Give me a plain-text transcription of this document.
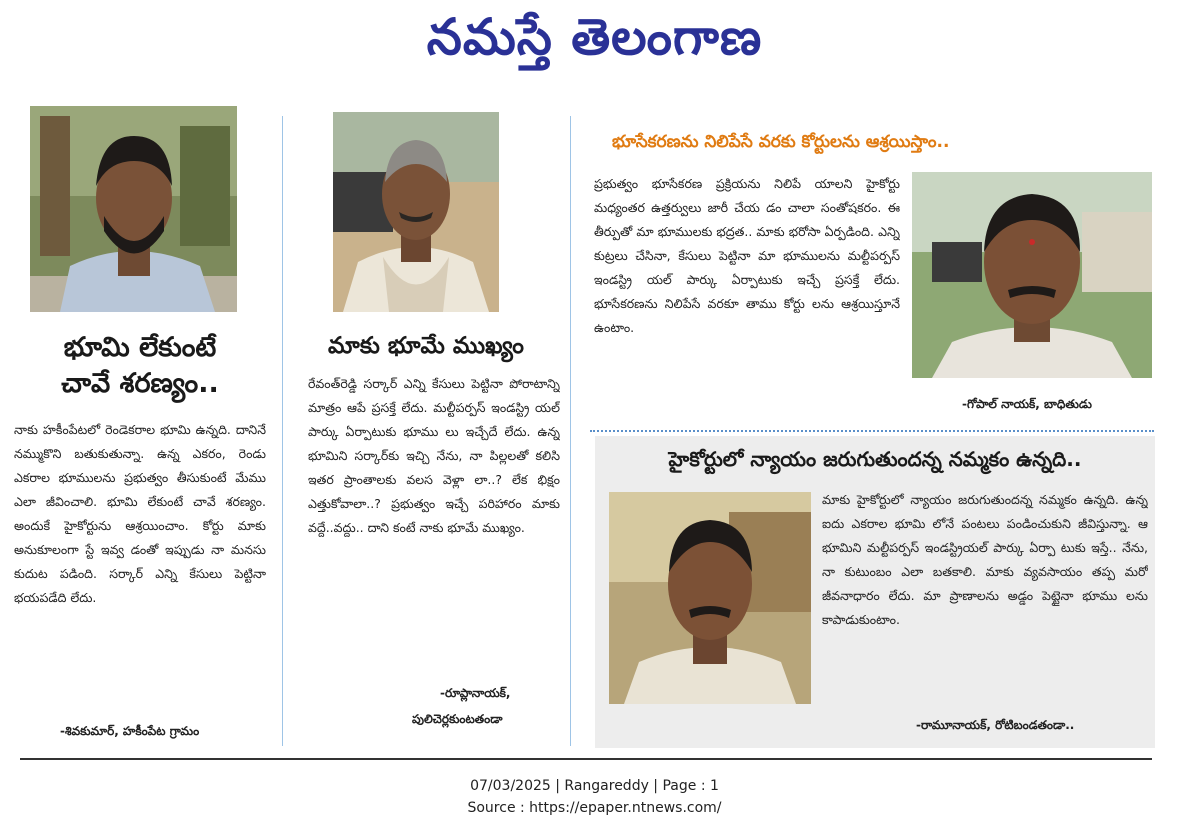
నమస్తే తెలంగాణ
భూమి లేకుంటే
చావే శరణ్యం..
నాకు హకీంపేటలో రెండెకరాల భూమి ఉన్నది. దానినే నమ్ముకొని బతుకుతున్నా. ఉన్న ఎకరం, రెండు ఎకరాల భూములను ప్రభుత్వం తీసుకుంటే మేము ఎలా జీవించాలి. భూమి లేకుంటే చావే శరణ్యం. అందుకే హైకోర్టును ఆశ్రయించాం. కోర్టు మాకు అనుకూలంగా స్టే ఇవ్వ డంతో ఇప్పుడు నా మనసు కుదుట పడింది. సర్కార్ ఎన్ని కేసులు పెట్టినా భయపడేది లేదు.
-శివకుమార్, హకీంపేట గ్రామం
మాకు భూమే ముఖ్యం
రేవంత్‌రెడ్డి సర్కార్ ఎన్ని కేసులు పెట్టినా పోరాటాన్ని మాత్రం ఆపే ప్రసక్తే లేదు. మల్టీపర్పస్ ఇండస్ట్రి యల్ పార్కు ఏర్పాటుకు భూము లు ఇచ్చేదే లేదు. ఉన్న భూమిని సర్కార్‌కు ఇచ్చి నేను, నా పిల్లలతో కలిసి ఇతర ప్రాంతాలకు వలస వెళ్లా లా..? లేక భిక్షం ఎత్తుకోవాలా..? ప్రభుత్వం ఇచ్చే పరిహారం మాకు వద్దే..వద్దు.. దాని కంటే నాకు భూమే ముఖ్యం.
-రూప్లానాయక్,
పులిచెర్లకుంటతండా
భూసేకరణను నిలిపేసే వరకు కోర్టులను ఆశ్రయిస్తాం..
ప్రభుత్వం భూసేకరణ ప్రక్రియను నిలిపే యాలని హైకోర్టు మధ్యంతర ఉత్తర్వులు జారీ చేయ డం చాలా సంతోషకరం. ఈ తీర్పుతో మా భూములకు భద్రత.. మాకు భరోసా ఏర్పడింది. ఎన్ని కుట్రలు చేసినా, కేసులు పెట్టినా మా భూములను మల్టీపర్పస్ ఇండస్ట్రి యల్ పార్కు ఏర్పాటుకు ఇచ్చే ప్రసక్తే లేదు. భూసేకరణను నిలిపేసే వరకూ తాము కోర్టు లను ఆశ్రయిస్తూనే ఉంటాం.
-గోపాల్ నాయక్, బాధితుడు
హైకోర్టులో న్యాయం జరుగుతుందన్న నమ్మకం ఉన్నది..
మాకు హైకోర్టులో న్యాయం జరుగుతుందన్న నమ్మకం ఉన్నది. ఉన్న ఐదు ఎకరాల భూమి లోనే పంటలు పండించుకుని జీవిస్తున్నా. ఆ భూమిని మల్టీపర్పస్ ఇండస్ట్రియల్ పార్కు ఏర్పా టుకు ఇస్తే.. నేను, నా కుటుంబం ఎలా బతకాలి. మాకు వ్యవసాయం తప్ప మరో జీవనాధారం లేదు. మా ప్రాణాలను అడ్డం పెట్టైనా భూము లను కాపాడుకుంటాం.
-రామూనాయక్, రోటిబండతండా..
07/03/2025 | Rangareddy | Page : 1
Source : https://epaper.ntnews.com/
